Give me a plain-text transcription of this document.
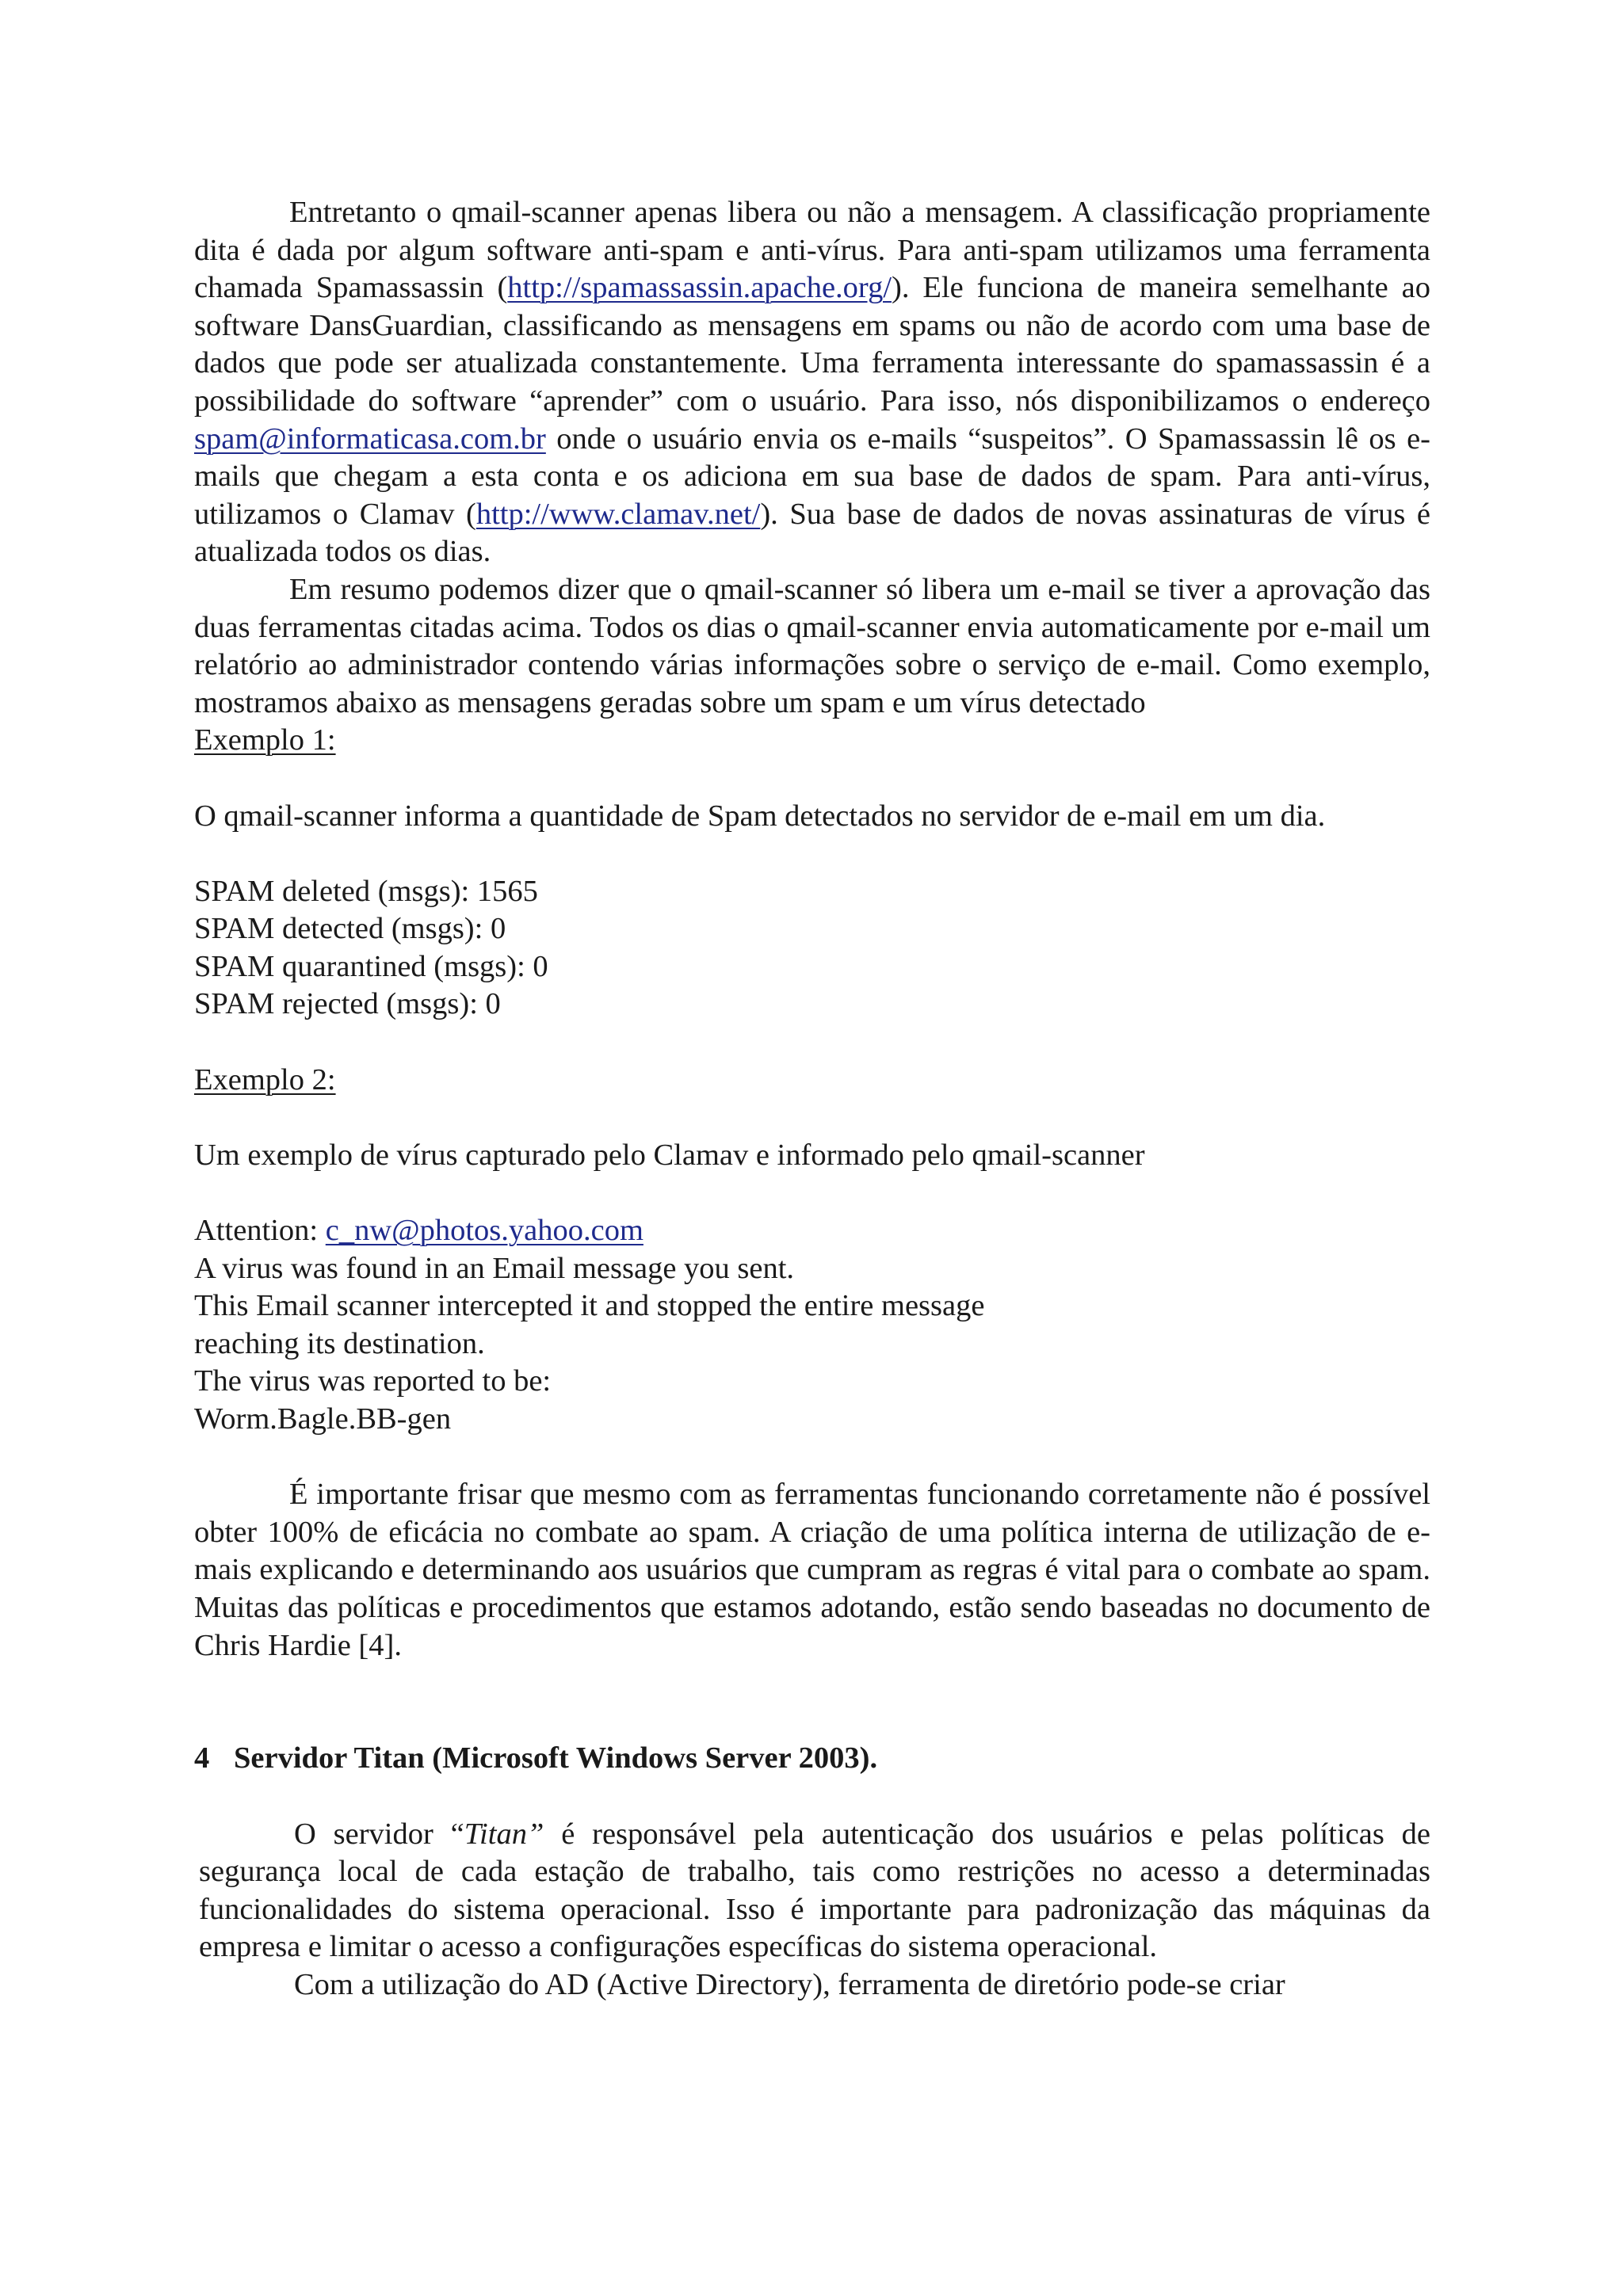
Entretanto o qmail-scanner apenas libera ou não a mensagem. A classificação propriamente dita é dada por algum software anti-spam e anti-vírus. Para anti-spam utilizamos uma ferramenta chamada Spamassassin (http://spamassassin.apache.org/). Ele funciona de maneira semelhante ao software DansGuardian, classificando as mensagens em spams ou não de acordo com uma base de dados que pode ser atualizada constantemente. Uma ferramenta interessante do spamassassin é a possibilidade do software “aprender” com o usuário. Para isso, nós disponibilizamos o endereço spam@informaticasa.com.br onde o usuário envia os e-mails “suspeitos”. O Spamassassin lê os e-mails que chegam a esta conta e os adiciona em sua base de dados de spam. Para anti-vírus, utilizamos o Clamav (http://www.clamav.net/). Sua base de dados de novas assinaturas de vírus é atualizada todos os dias.

Em resumo podemos dizer que o qmail-scanner só libera um e-mail se tiver a aprovação das duas ferramentas citadas acima. Todos os dias o qmail-scanner envia automaticamente por e-mail um relatório ao administrador contendo várias informações sobre o serviço de e-mail. Como exemplo, mostramos abaixo as mensagens geradas sobre um spam e um vírus detectado

Exemplo 1:

O qmail-scanner informa a quantidade de Spam detectados no servidor de e-mail em um dia.

SPAM deleted (msgs): 1565

SPAM detected (msgs): 0

SPAM quarantined (msgs): 0

SPAM rejected (msgs): 0

Exemplo 2:

Um exemplo de vírus capturado pelo Clamav e informado pelo qmail-scanner

Attention: c_nw@photos.yahoo.com

A virus was found in an Email message you sent.

This Email scanner intercepted it and stopped the entire message

reaching its destination.

The virus was reported to be:

Worm.Bagle.BB-gen

É importante frisar que mesmo com as ferramentas funcionando corretamente não é possível obter 100% de eficácia no combate ao spam. A criação de uma política interna de utilização de e-mais explicando e determinando aos usuários que cumpram as regras é vital para o combate ao spam. Muitas das políticas e procedimentos que estamos adotando, estão sendo baseadas no documento de Chris Hardie [4].

4 Servidor Titan (Microsoft Windows Server 2003).

O servidor “Titan” é responsável pela autenticação dos usuários e pelas políticas de segurança local de cada estação de trabalho, tais como restrições no acesso a determinadas funcionalidades do sistema operacional. Isso é importante para padronização das máquinas da empresa e limitar o acesso a configurações específicas do sistema operacional.

Com a utilização do AD (Active Directory), ferramenta de diretório pode-se criar
